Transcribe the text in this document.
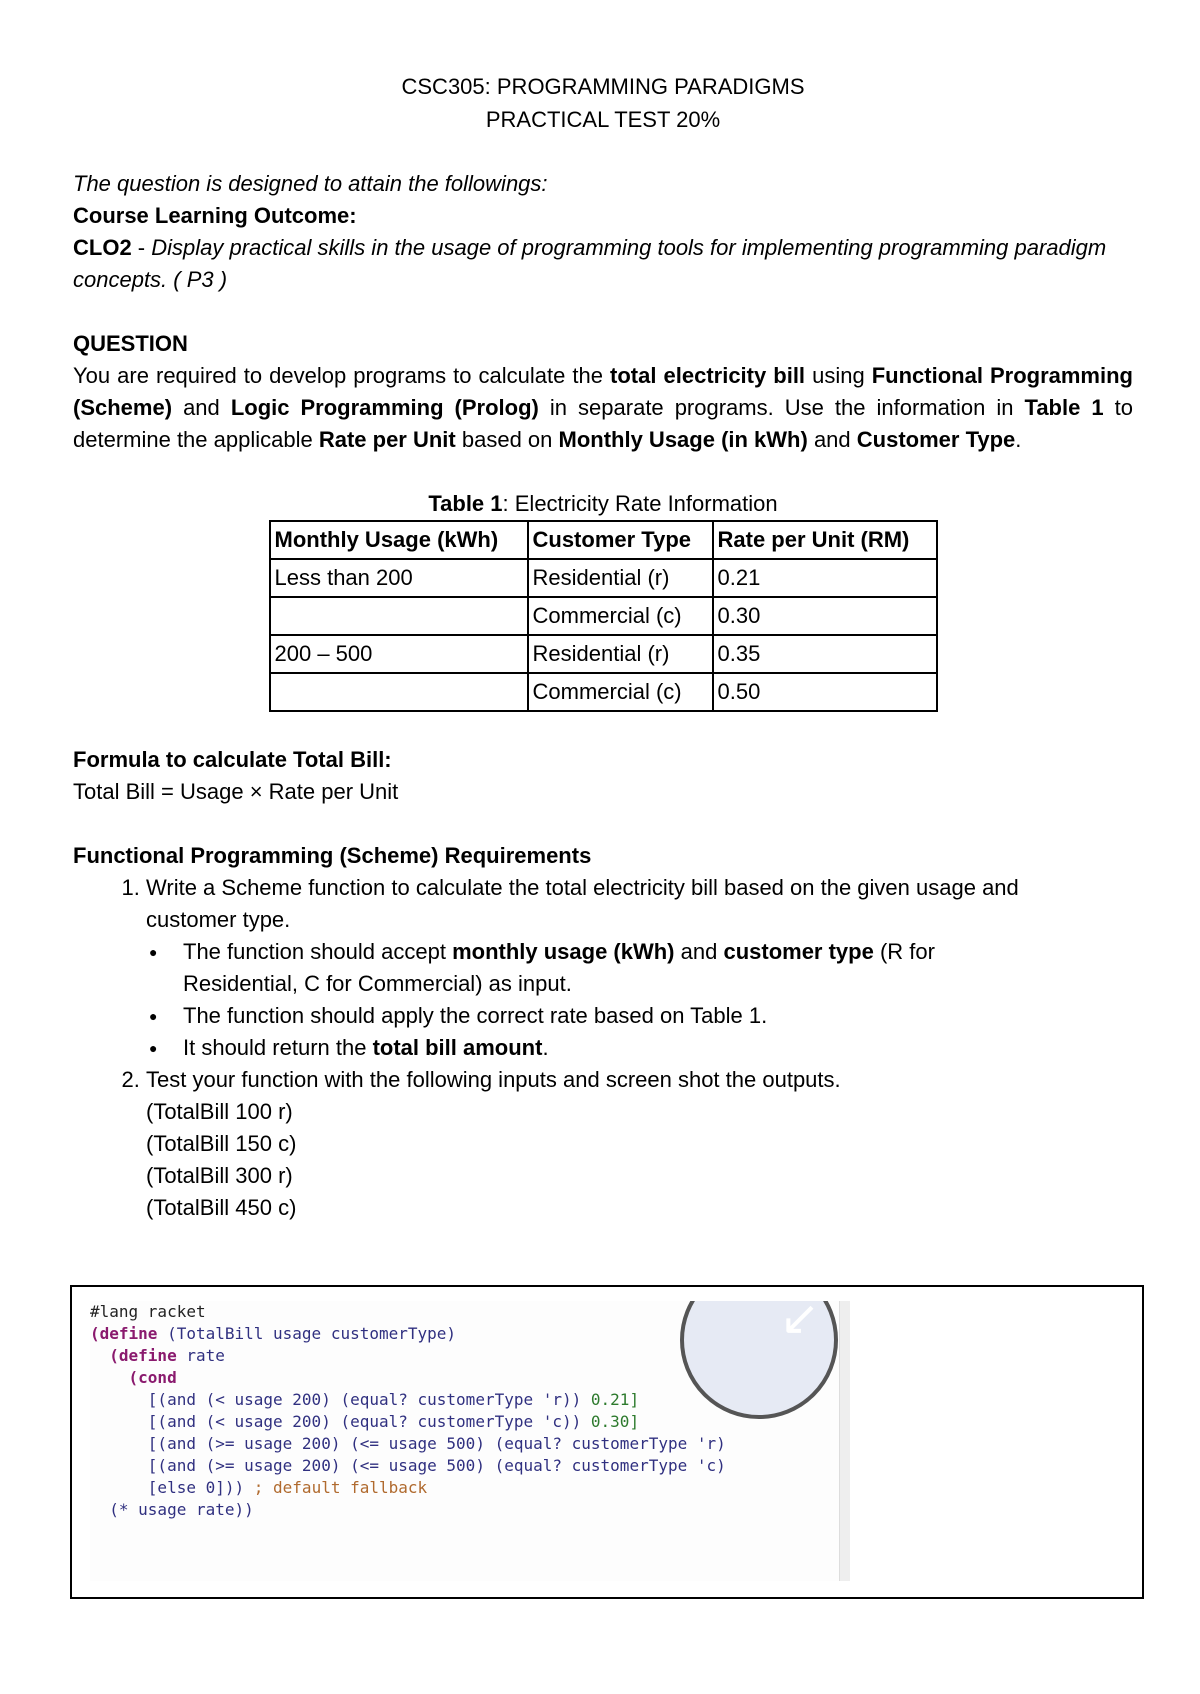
CSC305: PROGRAMMING PARADIGMS
PRACTICAL TEST 20%
The question is designed to attain the followings:
Course Learning Outcome:
CLO2 - Display practical skills in the usage of programming tools for implementing programming paradigm concepts. ( P3 )
QUESTION
You are required to develop programs to calculate the total electricity bill using Functional Programming (Scheme) and Logic Programming (Prolog) in separate programs. Use the information in Table 1 to determine the applicable Rate per Unit based on Monthly Usage (in kWh) and Customer Type.
Table 1: Electricity Rate Information
Monthly Usage (kWh)	Customer Type	Rate per Unit (RM)
Less than 200	Residential (r)	0.21
	Commercial (c)	0.30
200 – 500	Residential (r)	0.35
	Commercial (c)	0.50
Formula to calculate Total Bill:
Total Bill = Usage × Rate per Unit
Functional Programming (Scheme) Requirements
1. Write a Scheme function to calculate the total electricity bill based on the given usage and customer type.
● The function should accept monthly usage (kWh) and customer type (R for Residential, C for Commercial) as input.
● The function should apply the correct rate based on Table 1.
● It should return the total bill amount.
2. Test your function with the following inputs and screen shot the outputs. (TotalBill 100 r)
(TotalBill 150 c)
(TotalBill 300 r)
(TotalBill 450 c)
↙
#lang racket
(define (TotalBill usage customerType)
(define rate
(cond
[(and (< usage 200) (equal? customerType 'r)) 0.21]
[(and (< usage 200) (equal? customerType 'c)) 0.30]
[(and (>= usage 200) (<= usage 500) (equal? customerType 'r)
[(and (>= usage 200) (<= usage 500) (equal? customerType 'c)
[else 0])) ; default fallback
(* usage rate))
